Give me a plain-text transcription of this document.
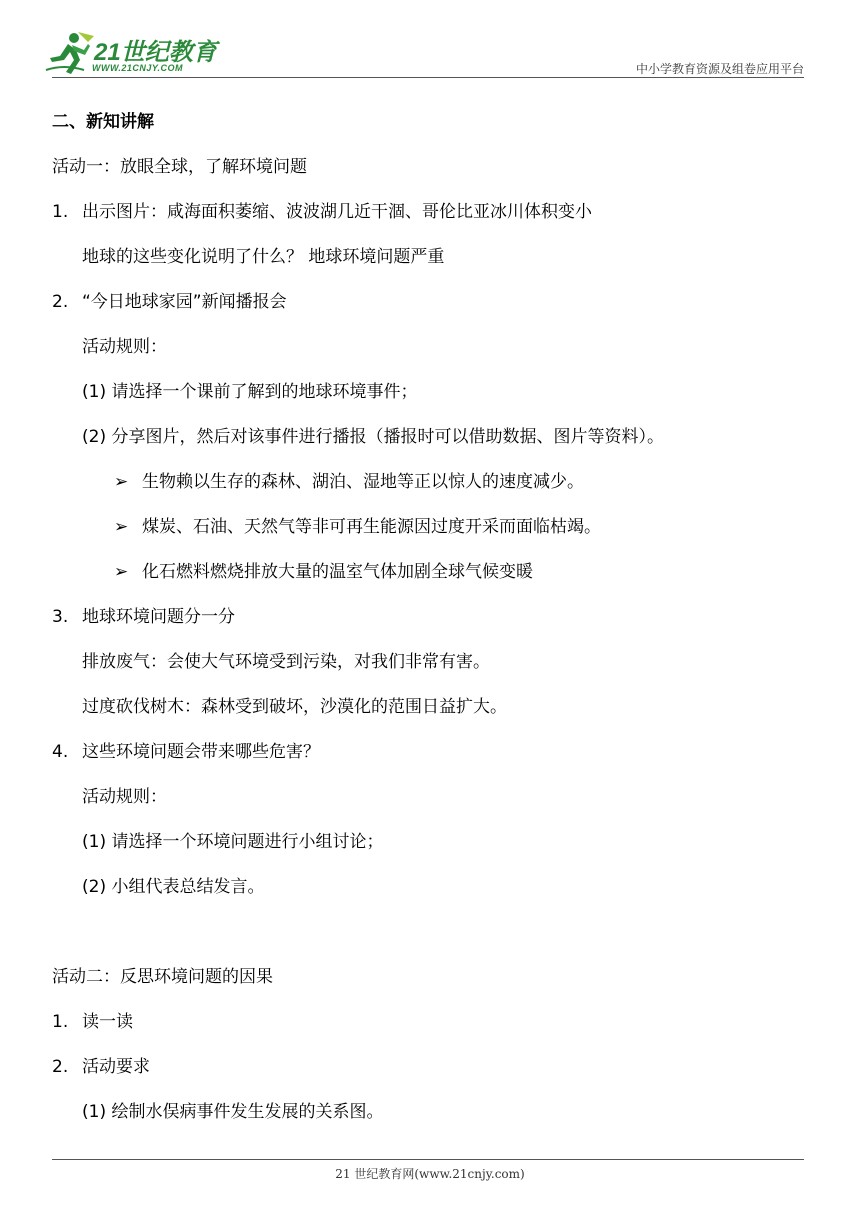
21世纪教育
WWW.21CNJY.COM	中小学教育资源及组卷应用平台
二、新知讲解
活动一：放眼全球，了解环境问题
1. 出示图片：咸海面积萎缩、波波湖几近干涸、哥伦比亚冰川体积变小
地球的这些变化说明了什么？ 地球环境问题严重
2. “今日地球家园”新闻播报会
活动规则：
(1) 请选择一个课前了解到的地球环境事件；
(2) 分享图片，然后对该事件进行播报（播报时可以借助数据、图片等资料）。
➢ 生物赖以生存的森林、湖泊、湿地等正以惊人的速度减少。
➢ 煤炭、石油、天然气等非可再生能源因过度开采而面临枯竭。
➢ 化石燃料燃烧排放大量的温室气体加剧全球气候变暖
3. 地球环境问题分一分
排放废气：会使大气环境受到污染，对我们非常有害。
过度砍伐树木：森林受到破坏，沙漠化的范围日益扩大。
4. 这些环境问题会带来哪些危害？
活动规则：
(1) 请选择一个环境问题进行小组讨论；
(2) 小组代表总结发言。
活动二：反思环境问题的因果
1. 读一读
2. 活动要求
(1) 绘制水俣病事件发生发展的关系图。
21 世纪教育网(www.21cnjy.com)
